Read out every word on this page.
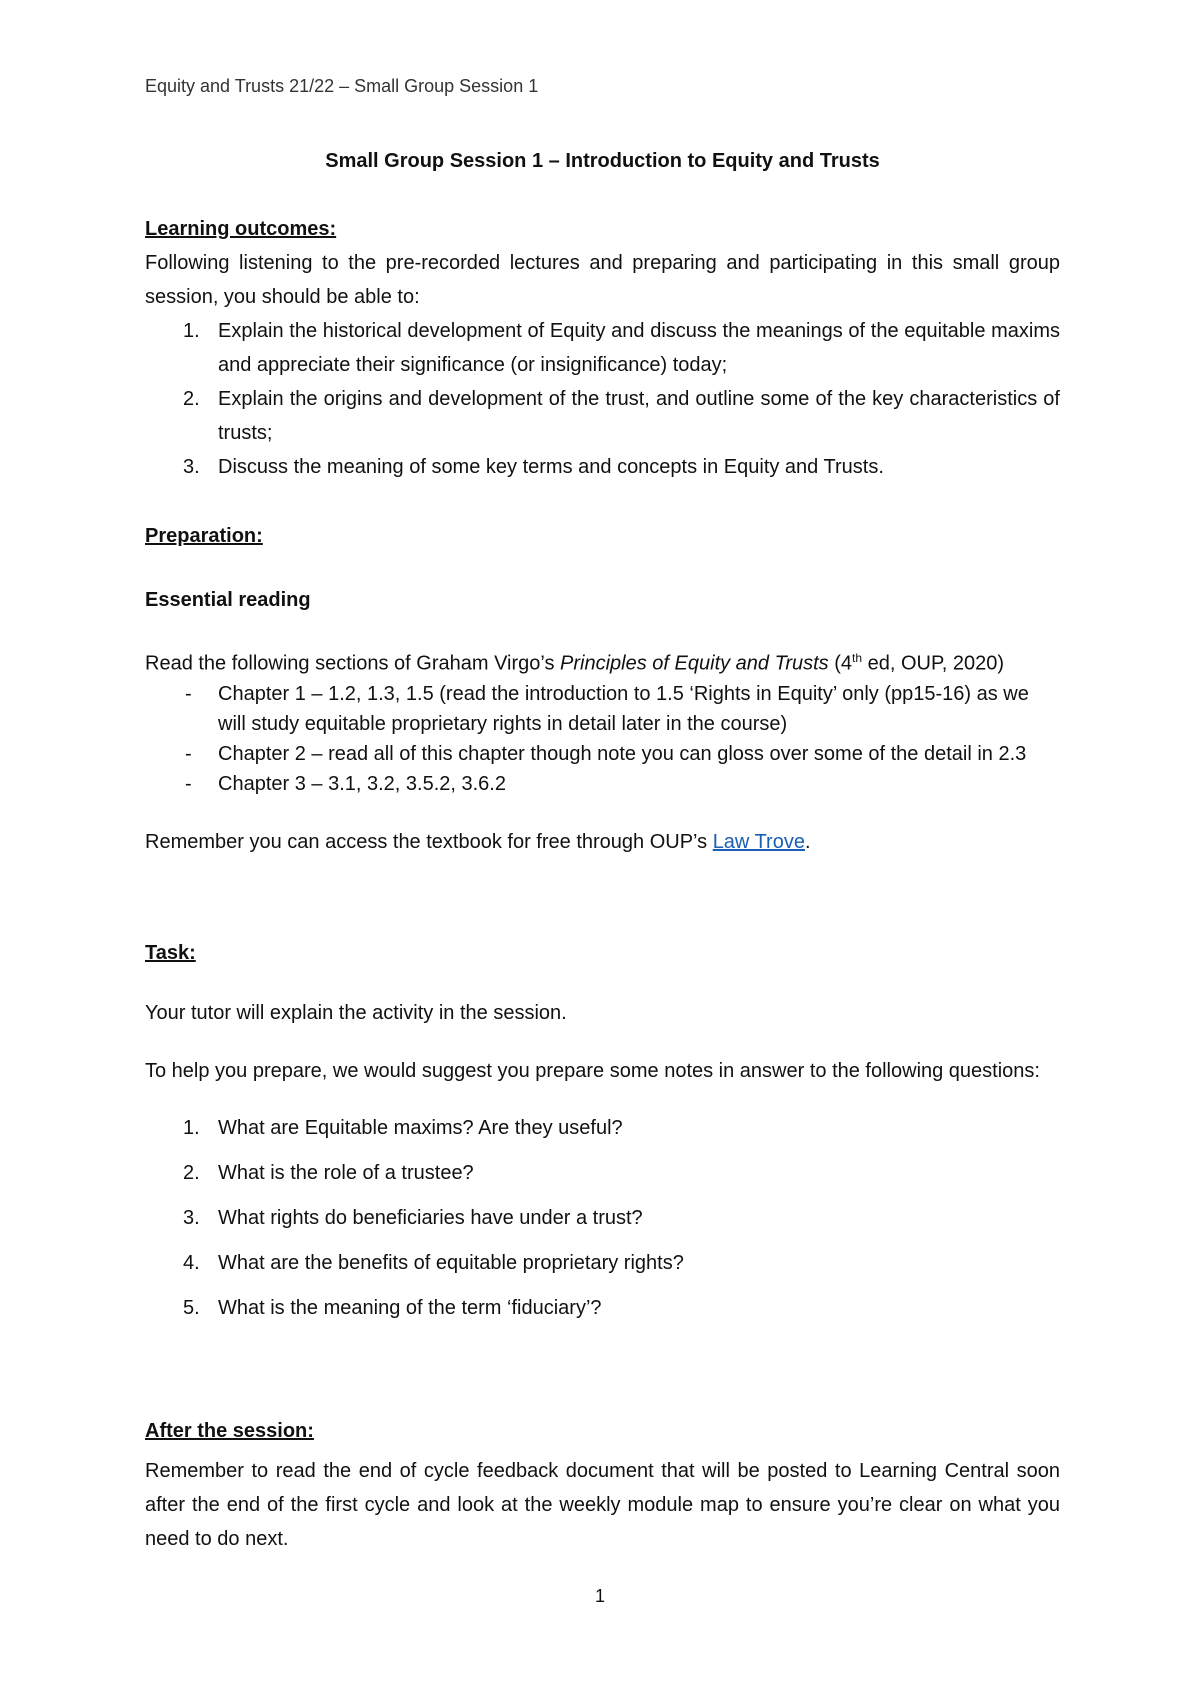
Equity and Trusts 21/22 – Small Group Session 1
Small Group Session 1 – Introduction to Equity and Trusts
Learning outcomes:
Following listening to the pre-recorded lectures and preparing and participating in this small group session, you should be able to:
1. Explain the historical development of Equity and discuss the meanings of the equitable maxims and appreciate their significance (or insignificance) today;
2. Explain the origins and development of the trust, and outline some of the key characteristics of trusts;
3. Discuss the meaning of some key terms and concepts in Equity and Trusts.
Preparation:
Essential reading
Read the following sections of Graham Virgo’s Principles of Equity and Trusts (4th ed, OUP, 2020)
- Chapter 1 – 1.2, 1.3, 1.5 (read the introduction to 1.5 ‘Rights in Equity’ only (pp15-16) as we will study equitable proprietary rights in detail later in the course)
- Chapter 2 – read all of this chapter though note you can gloss over some of the detail in 2.3
- Chapter 3 – 3.1, 3.2, 3.5.2, 3.6.2
Remember you can access the textbook for free through OUP’s Law Trove.
Task:
Your tutor will explain the activity in the session.
To help you prepare, we would suggest you prepare some notes in answer to the following questions:
1. What are Equitable maxims? Are they useful?
2. What is the role of a trustee?
3. What rights do beneficiaries have under a trust?
4. What are the benefits of equitable proprietary rights?
5. What is the meaning of the term ‘fiduciary’?
After the session:
Remember to read the end of cycle feedback document that will be posted to Learning Central soon after the end of the first cycle and look at the weekly module map to ensure you’re clear on what you need to do next.
1
